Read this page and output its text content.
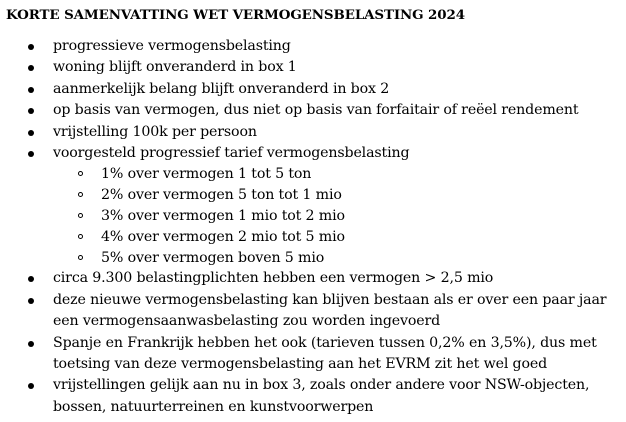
KORTE SAMENVATTING WET VERMOGENSBELASTING 2024
progressieve vermogensbelasting
woning blijft onveranderd in box 1
aanmerkelijk belang blijft onveranderd in box 2
op basis van vermogen, dus niet op basis van forfaitair of reëel rendement
vrijstelling 100k per persoon
voorgesteld progressief tarief vermogensbelasting
1% over vermogen 1 tot 5 ton
2% over vermogen 5 ton tot 1 mio
3% over vermogen 1 mio tot 2 mio
4% over vermogen 2 mio tot 5 mio
5% over vermogen boven 5 mio
circa 9.300 belastingplichten hebben een vermogen > 2,5 mio
deze nieuwe vermogensbelasting kan blijven bestaan als er over een paar jaar
een vermogensaanwasbelasting zou worden ingevoerd
Spanje en Frankrijk hebben het ook (tarieven tussen 0,2% en 3,5%), dus met
toetsing van deze vermogensbelasting aan het EVRM zit het wel goed
vrijstellingen gelijk aan nu in box 3, zoals onder andere voor NSW-objecten,
bossen, natuurterreinen en kunstvoorwerpen
